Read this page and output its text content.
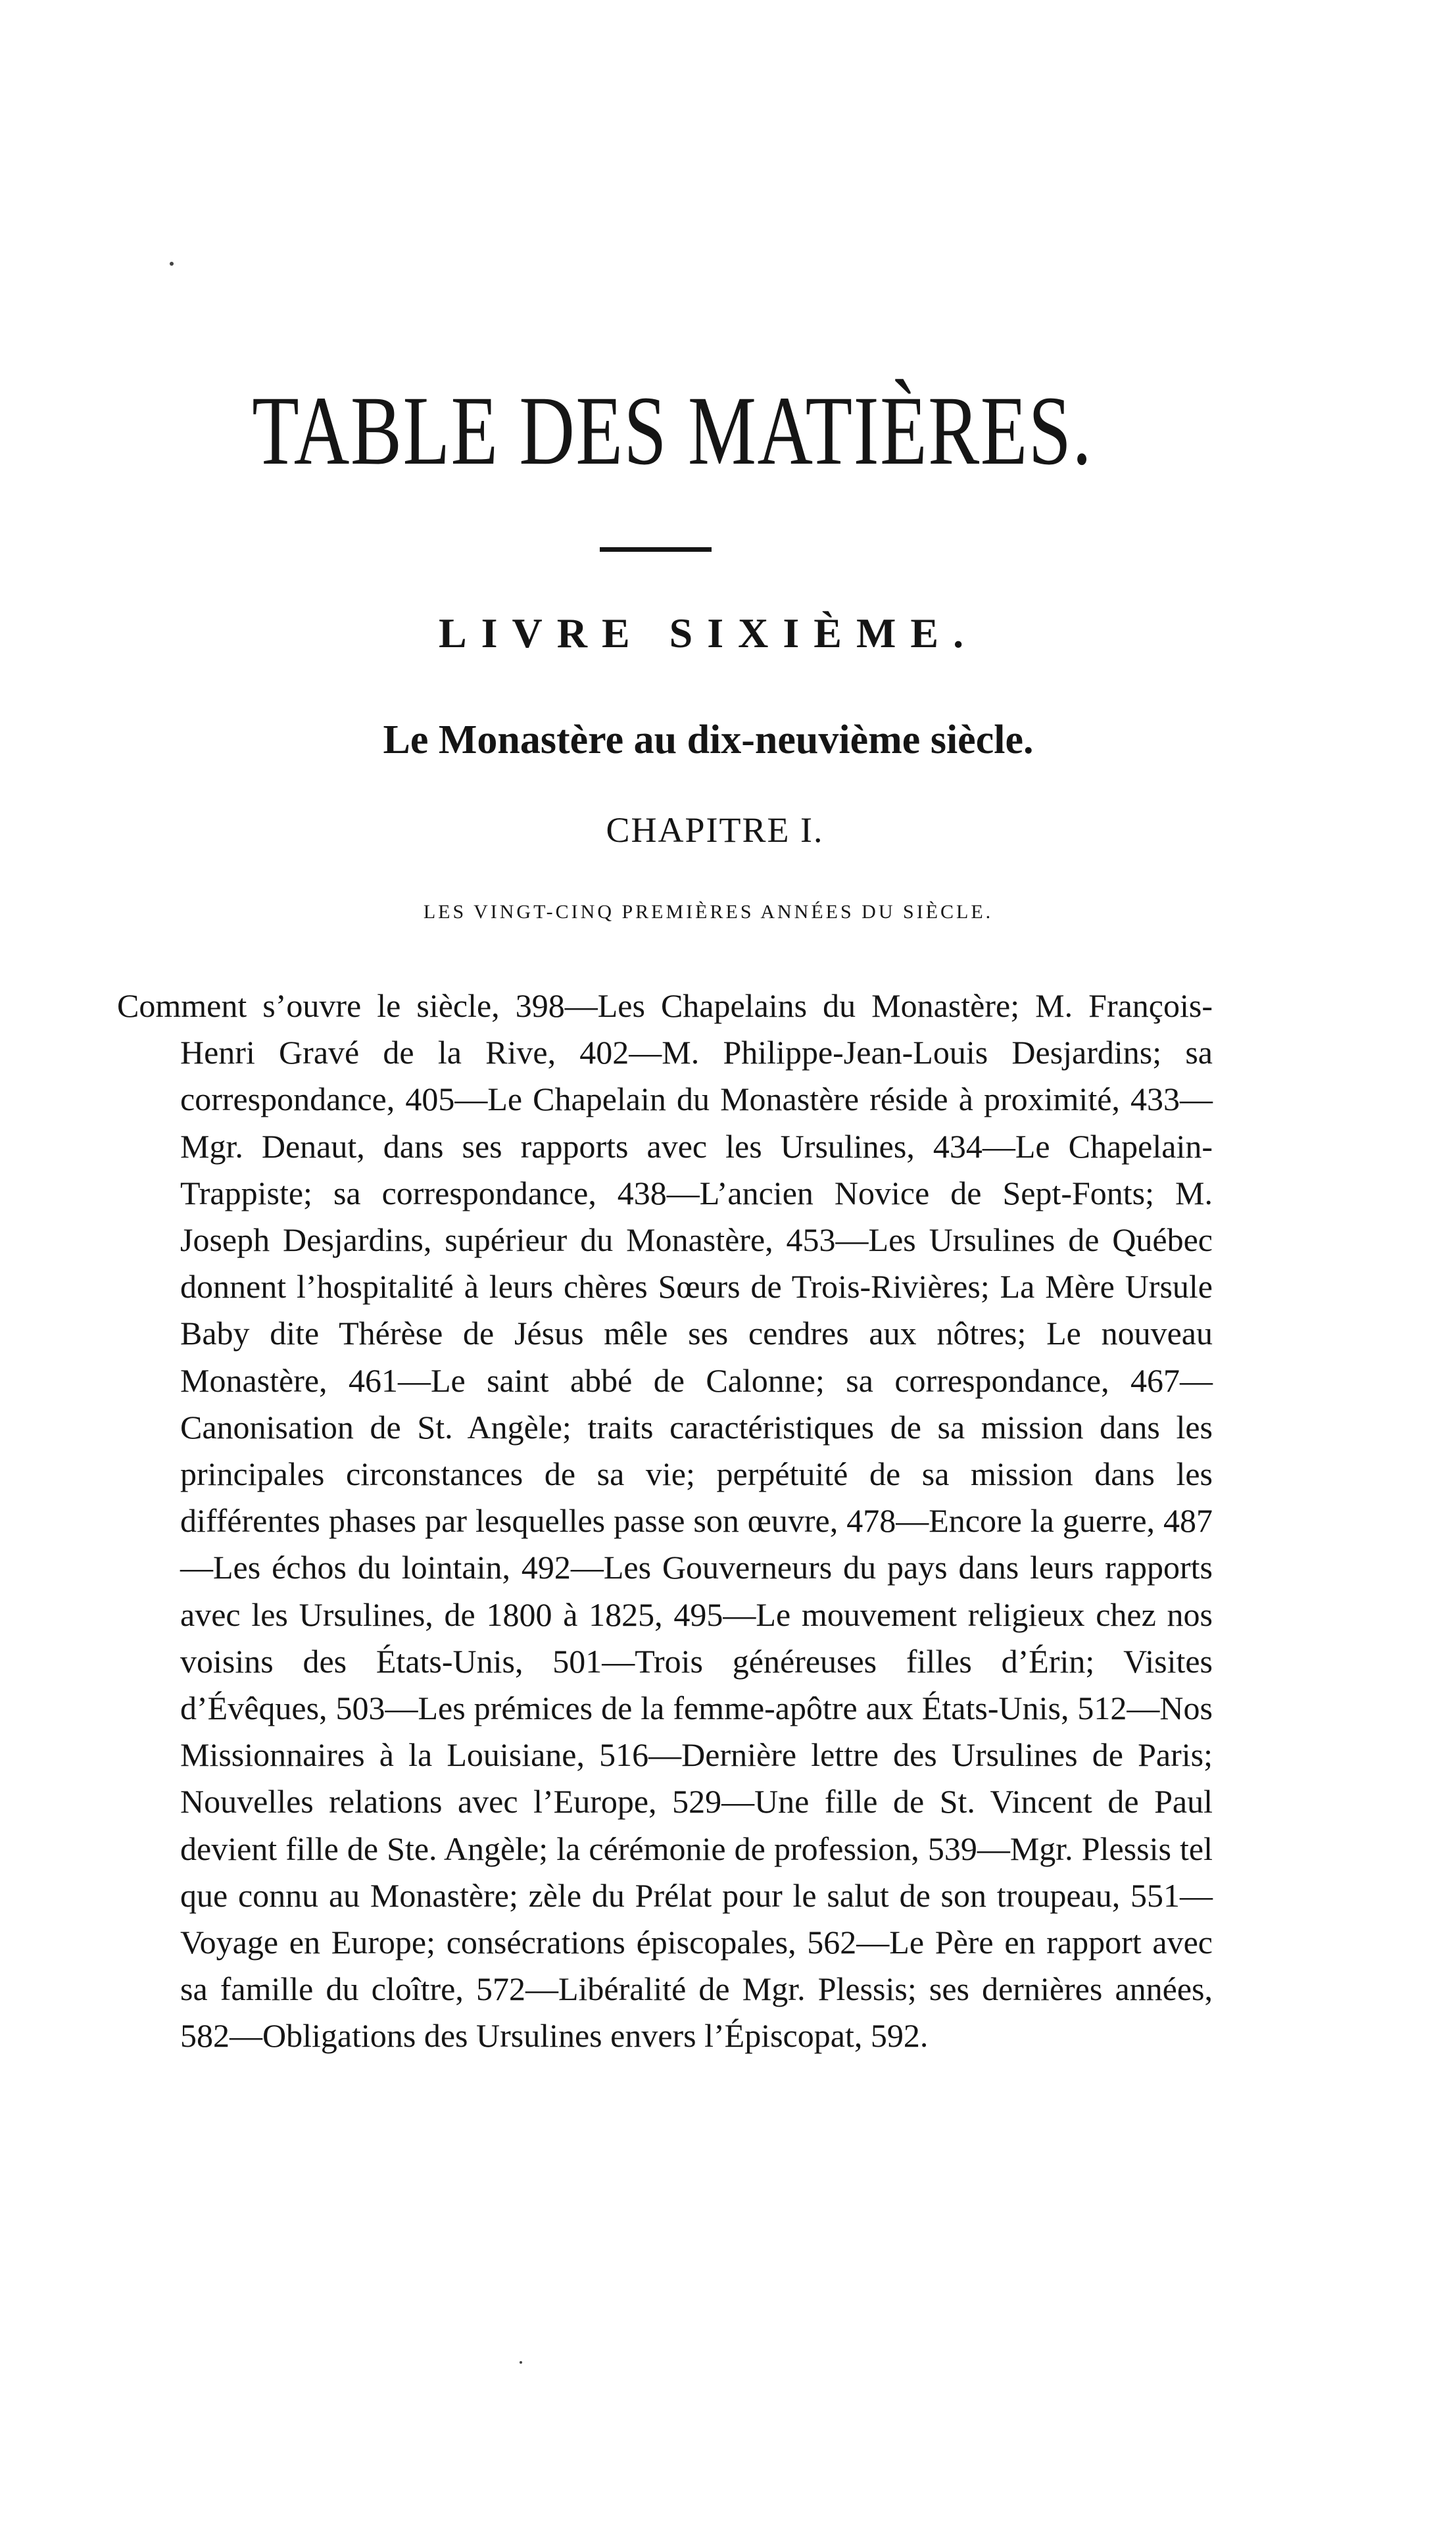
TABLE DES MATIÈRES.
LIVRE SIXIÈME.
Le Monastère au dix-neuvième siècle.
CHAPITRE I.
LES VINGT-CINQ PREMIÈRES ANNÉES DU SIÈCLE.
Comment s’ouvre le siècle, 398—Les Chapelains du Monastère; M. François-Henri Gravé de la Rive, 402—M. Philippe-Jean-Louis Desjardins; sa correspondance, 405—Le Chapelain du Monastère réside à proximité, 433—Mgr. Denaut, dans ses rapports avec les Ursulines, 434—Le Chapelain-Trappiste; sa correspondance, 438—L’ancien Novice de Sept-Fonts; M. Joseph Desjardins, supérieur du Monastère, 453—Les Ursulines de Québec donnent l’hospitalité à leurs chères Sœurs de Trois-Rivières; La Mère Ursule Baby dite Thérèse de Jésus mêle ses cendres aux nôtres; Le nouveau Monastère, 461—Le saint abbé de Calonne; sa correspondance, 467—Canonisation de St. Angèle; traits caractéristiques de sa mission dans les principales circonstances de sa vie; perpétuité de sa mission dans les différentes phases par lesquelles passe son œuvre, 478—Encore la guerre, 487—Les échos du lointain, 492—Les Gouverneurs du pays dans leurs rapports avec les Ursulines, de 1800 à 1825, 495—Le mouvement religieux chez nos voisins des États-Unis, 501—Trois généreuses filles d’Érin; Visites d’Évêques, 503—Les prémices de la femme-apôtre aux États-Unis, 512—Nos Missionnaires à la Louisiane, 516—Dernière lettre des Ursulines de Paris; Nouvelles relations avec l’Europe, 529—Une fille de St. Vincent de Paul devient fille de Ste. Angèle; la cérémonie de profession, 539—Mgr. Plessis tel que connu au Monastère; zèle du Prélat pour le salut de son troupeau, 551—Voyage en Europe; consécrations épiscopales, 562—Le Père en rapport avec sa famille du cloître, 572—Libéralité de Mgr. Plessis; ses dernières années, 582—Obligations des Ursulines envers l’Épiscopat, 592.
